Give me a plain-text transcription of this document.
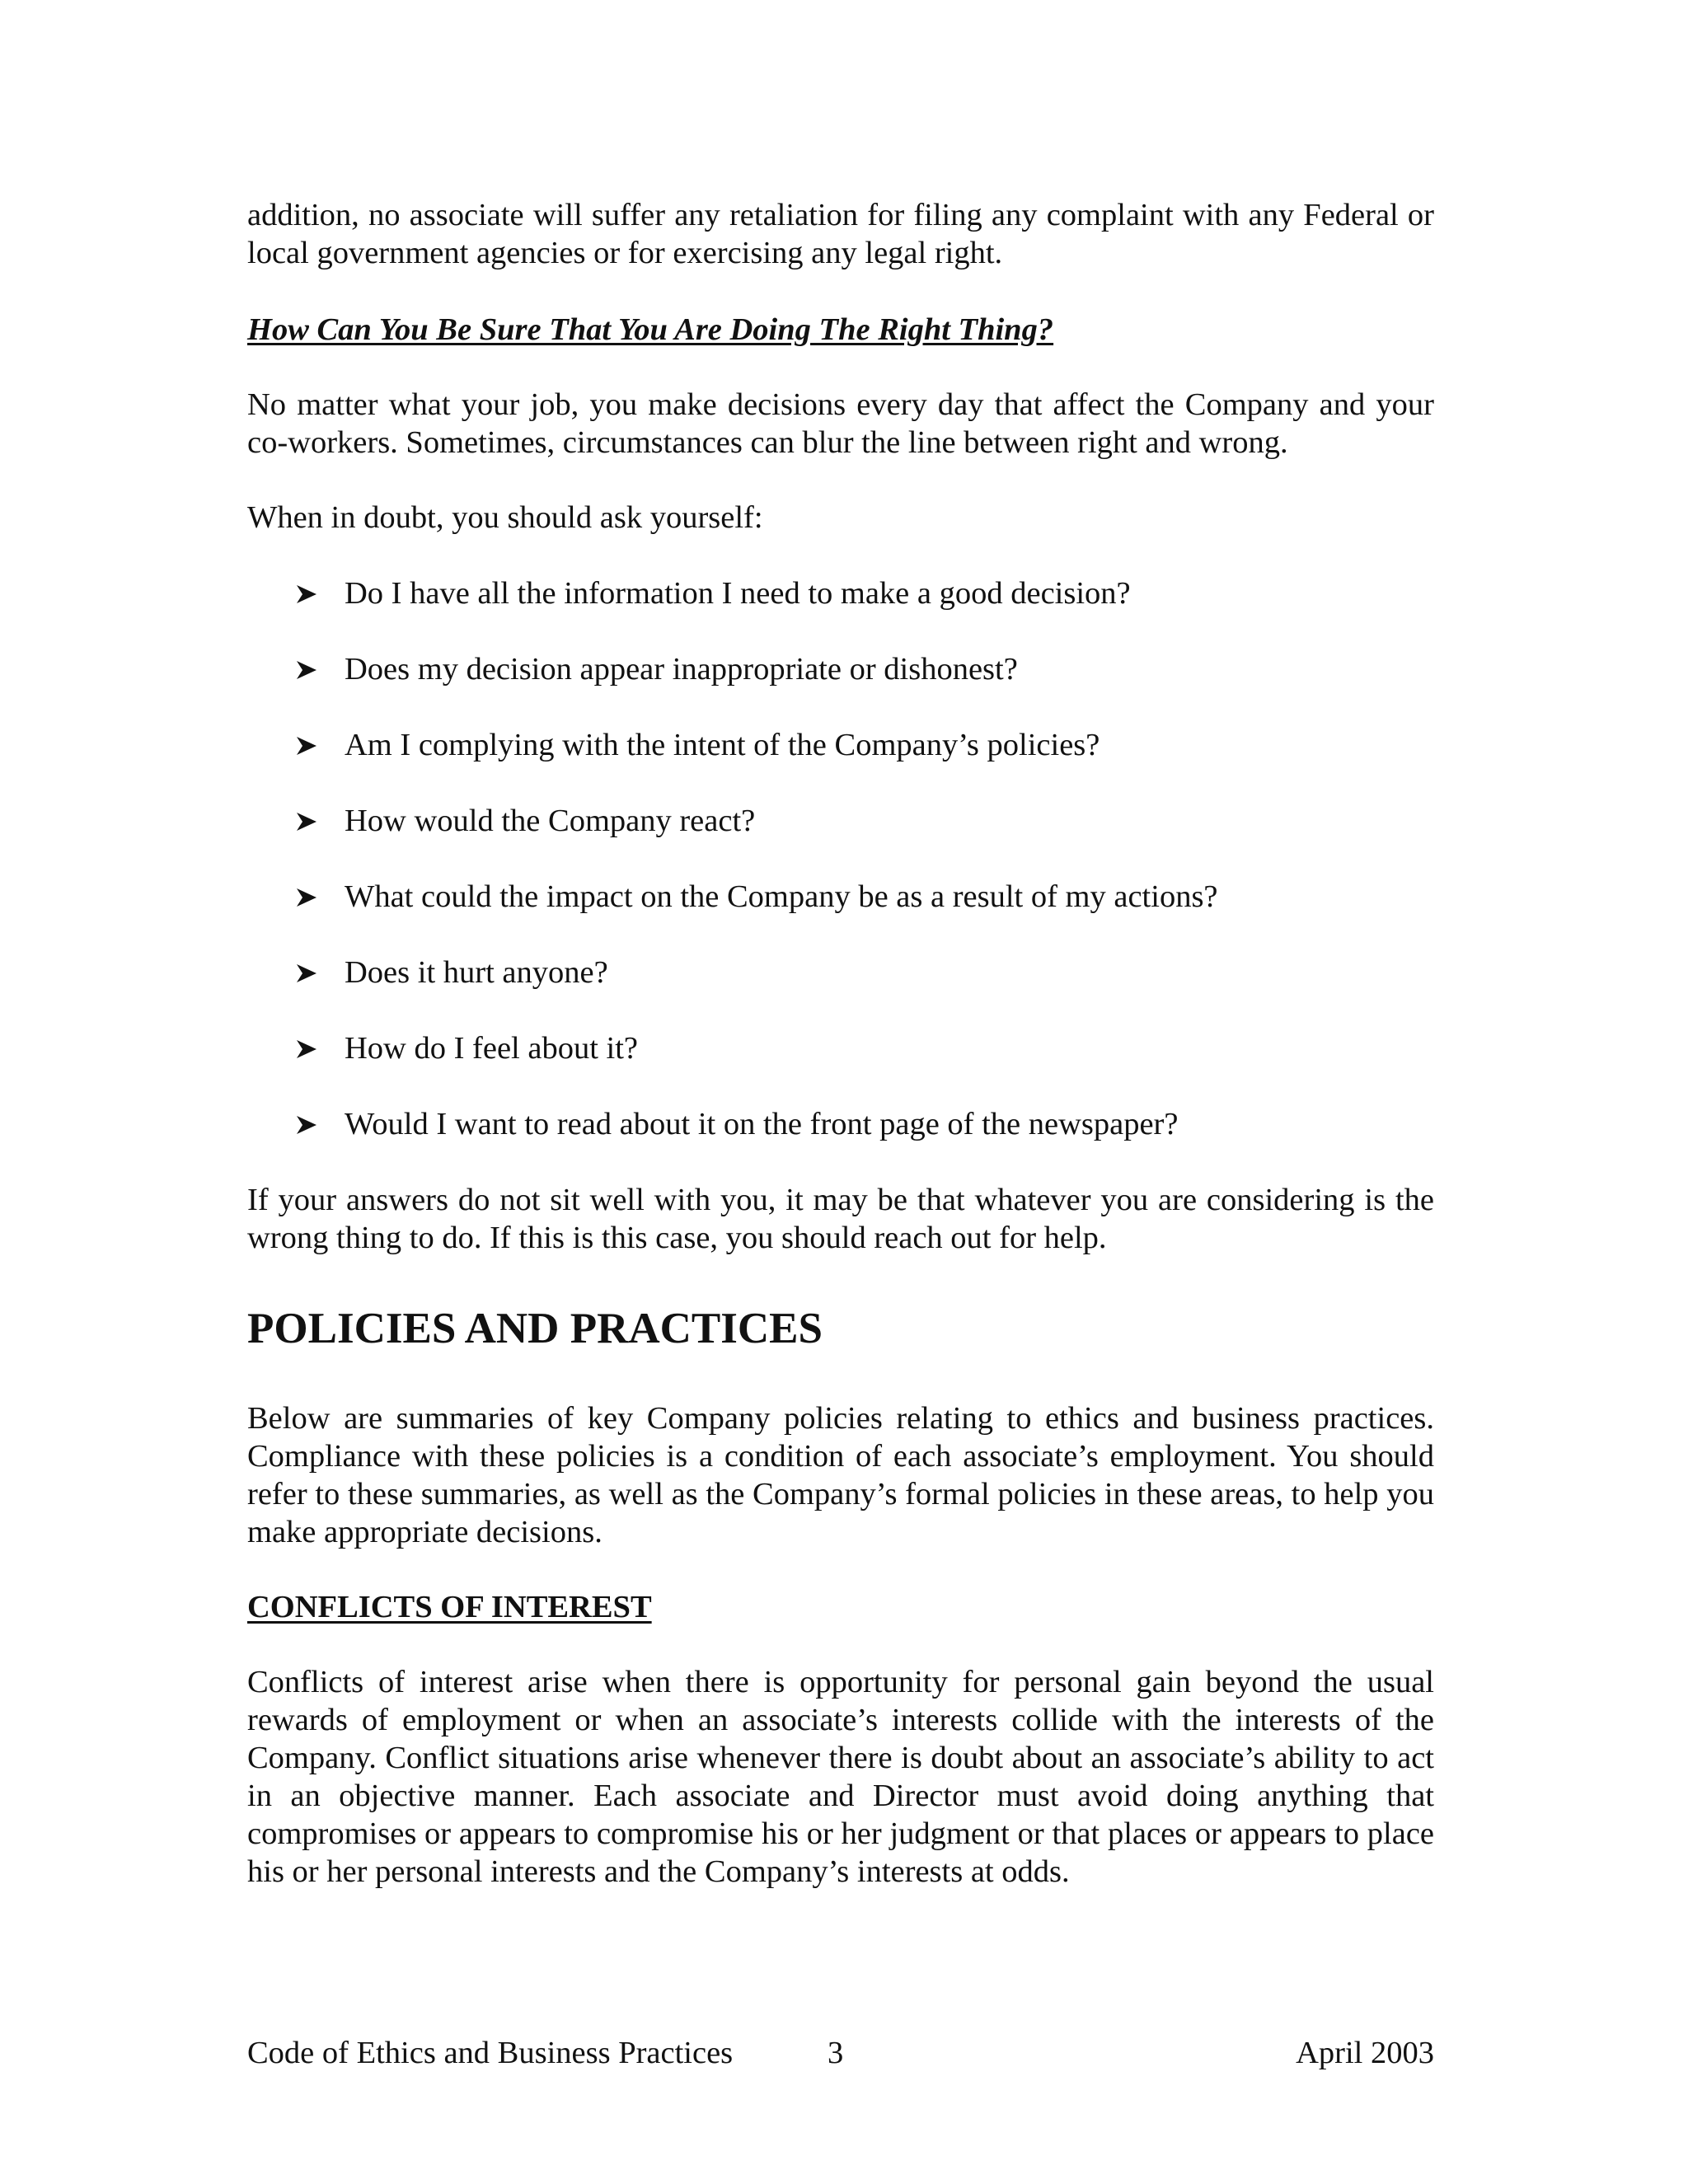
addition, no associate will suffer any retaliation for filing any complaint with any Federal or local government agencies or for exercising any legal right.

How Can You Be Sure That You Are Doing The Right Thing?

No matter what your job, you make decisions every day that affect the Company and your co-workers. Sometimes, circumstances can blur the line between right and wrong.

When in doubt, you should ask yourself:

Do I have all the information I need to make a good decision?
Does my decision appear inappropriate or dishonest?
Am I complying with the intent of the Company’s policies?
How would the Company react?
What could the impact on the Company be as a result of my actions?
Does it hurt anyone?
How do I feel about it?
Would I want to read about it on the front page of the newspaper?

If your answers do not sit well with you, it may be that whatever you are considering is the wrong thing to do. If this is this case, you should reach out for help.

POLICIES AND PRACTICES

Below are summaries of key Company policies relating to ethics and business practices. Compliance with these policies is a condition of each associate’s employment. You should refer to these summaries, as well as the Company’s formal policies in these areas, to help you make appropriate decisions.

CONFLICTS OF INTEREST

Conflicts of interest arise when there is opportunity for personal gain beyond the usual rewards of employment or when an associate’s interests collide with the interests of the Company. Conflict situations arise whenever there is doubt about an associate’s ability to act in an objective manner. Each associate and Director must avoid doing anything that compromises or appears to compromise his or her judgment or that places or appears to place his or her personal interests and the Company’s interests at odds.

Code of Ethics and Business Practices	3	April 2003
